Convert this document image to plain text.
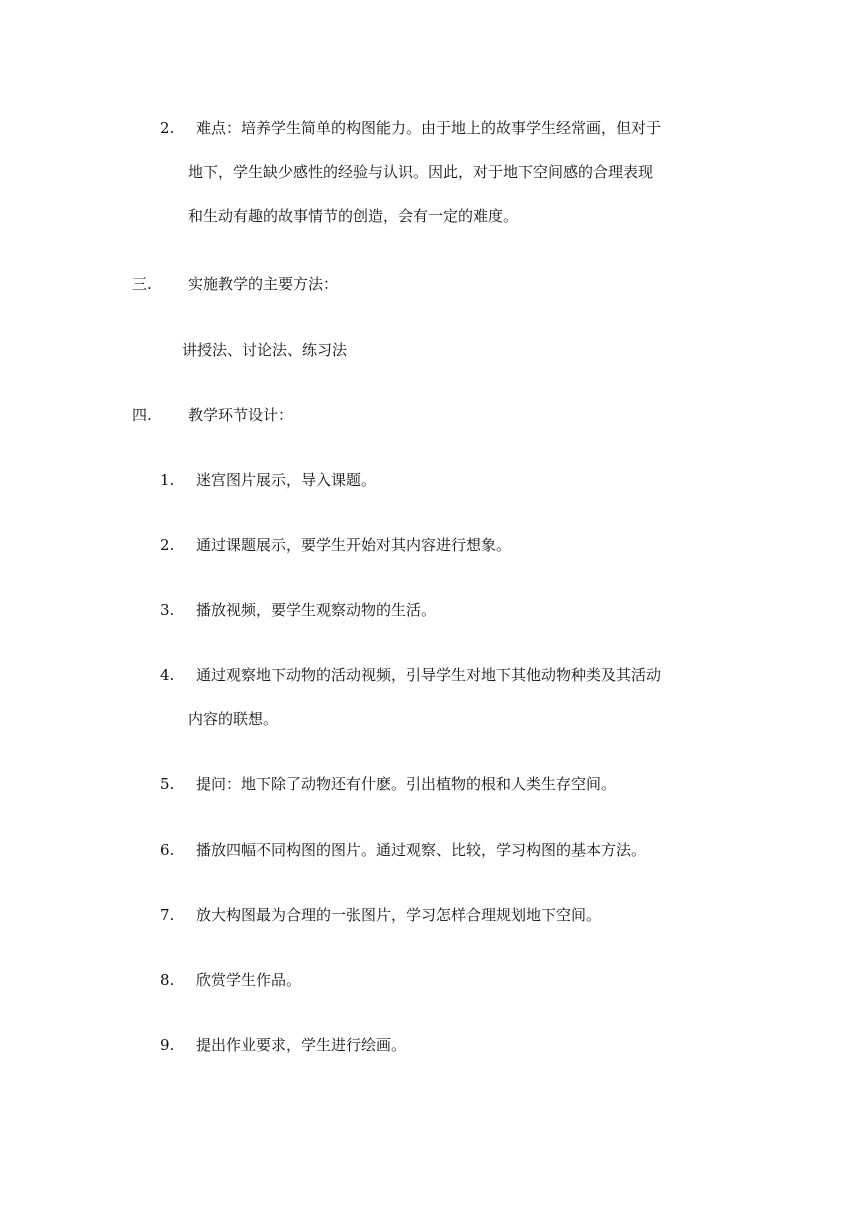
2. 难点：培养学生简单的构图能力。由于地上的故事学生经常画，但对于
地下，学生缺少感性的经验与认识。因此，对于地下空间感的合理表现
和生动有趣的故事情节的创造，会有一定的难度。
三. 实施教学的主要方法：
讲授法、讨论法、练习法
四. 教学环节设计：
1. 迷宫图片展示，导入课题。
2. 通过课题展示，要学生开始对其内容进行想象。
3. 播放视频，要学生观察动物的生活。
4. 通过观察地下动物的活动视频，引导学生对地下其他动物种类及其活动
内容的联想。
5. 提问：地下除了动物还有什麽。引出植物的根和人类生存空间。
6. 播放四幅不同构图的图片。通过观察、比较，学习构图的基本方法。
7. 放大构图最为合理的一张图片，学习怎样合理规划地下空间。
8. 欣赏学生作品。
9. 提出作业要求，学生进行绘画。
